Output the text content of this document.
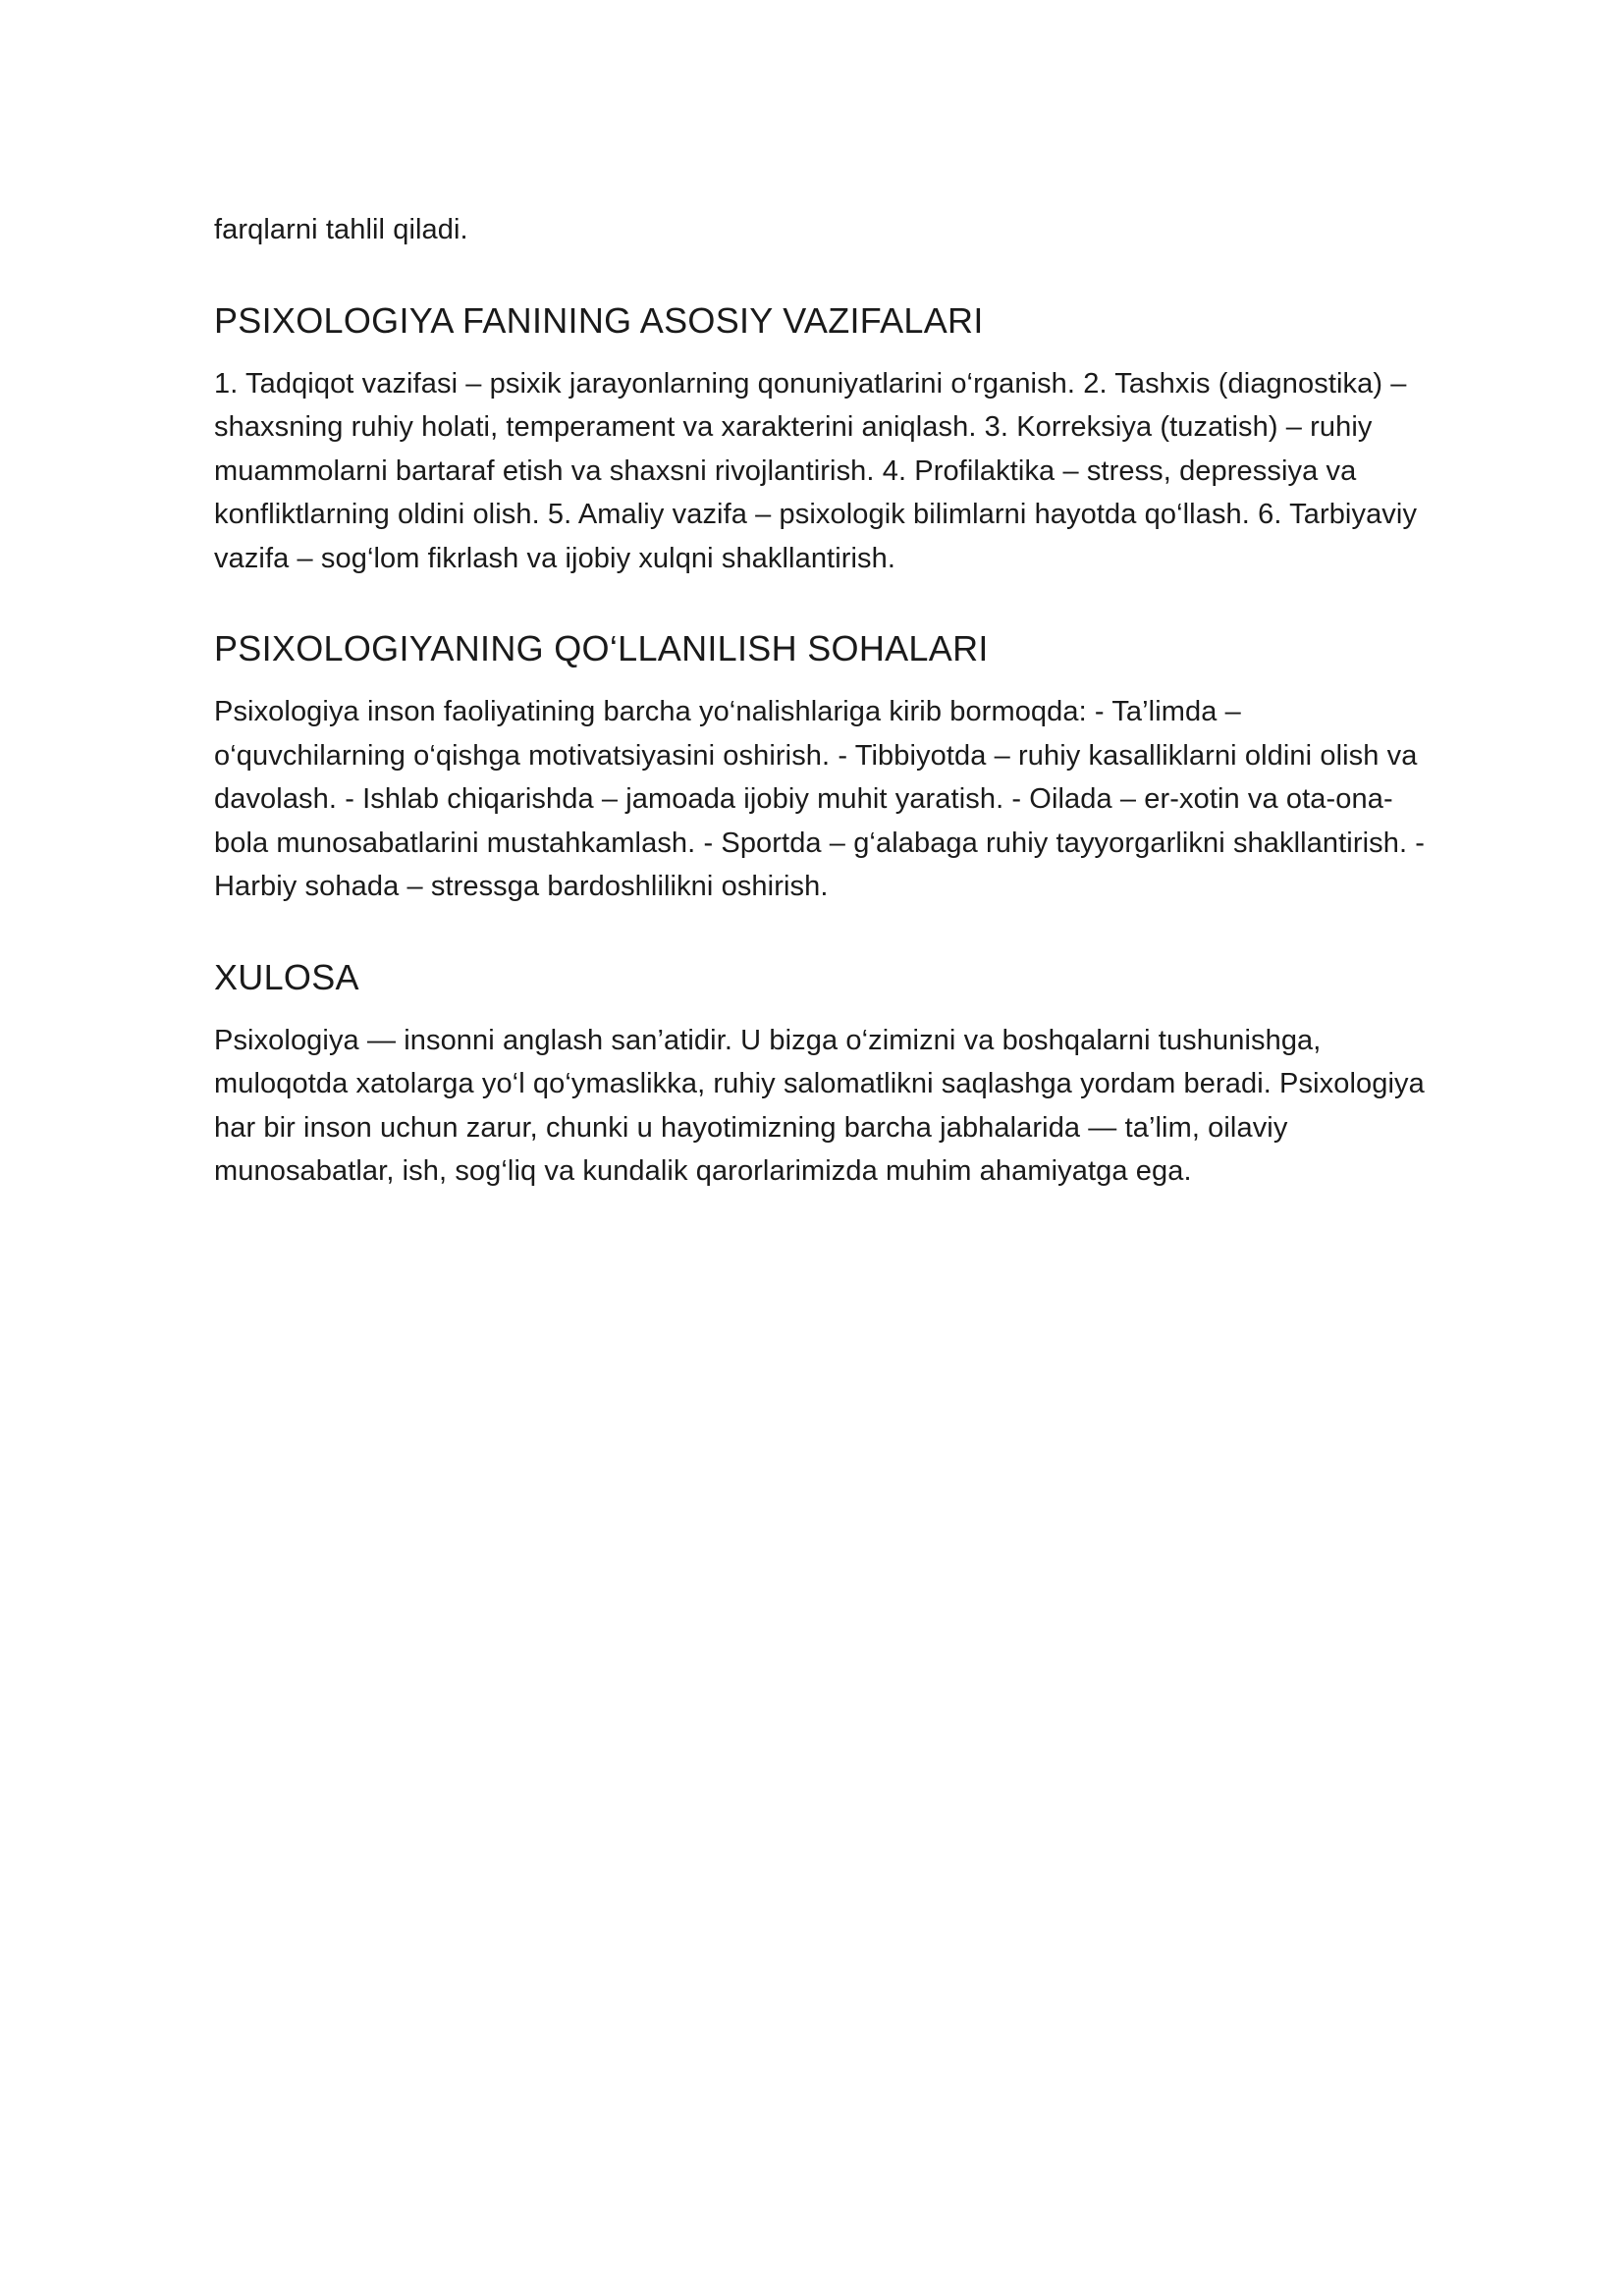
farqlarni tahlil qiladi.

PSIXOLOGIYA FANINING ASOSIY VAZIFALARI

1. Tadqiqot vazifasi – psixik jarayonlarning qonuniyatlarini o‘rganish. 2. Tashxis (diagnostika) – shaxsning ruhiy holati, temperament va xarakterini aniqlash. 3. Korreksiya (tuzatish) – ruhiy muammolarni bartaraf etish va shaxsni rivojlantirish. 4. Profilaktika – stress, depressiya va konfliktlarning oldini olish. 5. Amaliy vazifa – psixologik bilimlarni hayotda qo‘llash. 6. Tarbiyaviy vazifa – sog‘lom fikrlash va ijobiy xulqni shakllantirish.

PSIXOLOGIYANING QO‘LLANILISH SOHALARI

Psixologiya inson faoliyatining barcha yo‘nalishlariga kirib bormoqda: - Ta’limda – o‘quvchilarning o‘qishga motivatsiyasini oshirish. - Tibbiyotda – ruhiy kasalliklarni oldini olish va davolash. - Ishlab chiqarishda – jamoada ijobiy muhit yaratish. - Oilada – er-xotin va ota-ona-bola munosabatlarini mustahkamlash. - Sportda – g‘alabaga ruhiy tayyorgarlikni shakllantirish. - Harbiy sohada – stressga bardoshlilikni oshirish.

XULOSA

Psixologiya — insonni anglash san’atidir. U bizga o‘zimizni va boshqalarni tushunishga, muloqotda xatolarga yo‘l qo‘ymaslikka, ruhiy salomatlikni saqlashga yordam beradi. Psixologiya har bir inson uchun zarur, chunki u hayotimizning barcha jabhalarida — ta’lim, oilaviy munosabatlar, ish, sog‘liq va kundalik qarorlarimizda muhim ahamiyatga ega.
